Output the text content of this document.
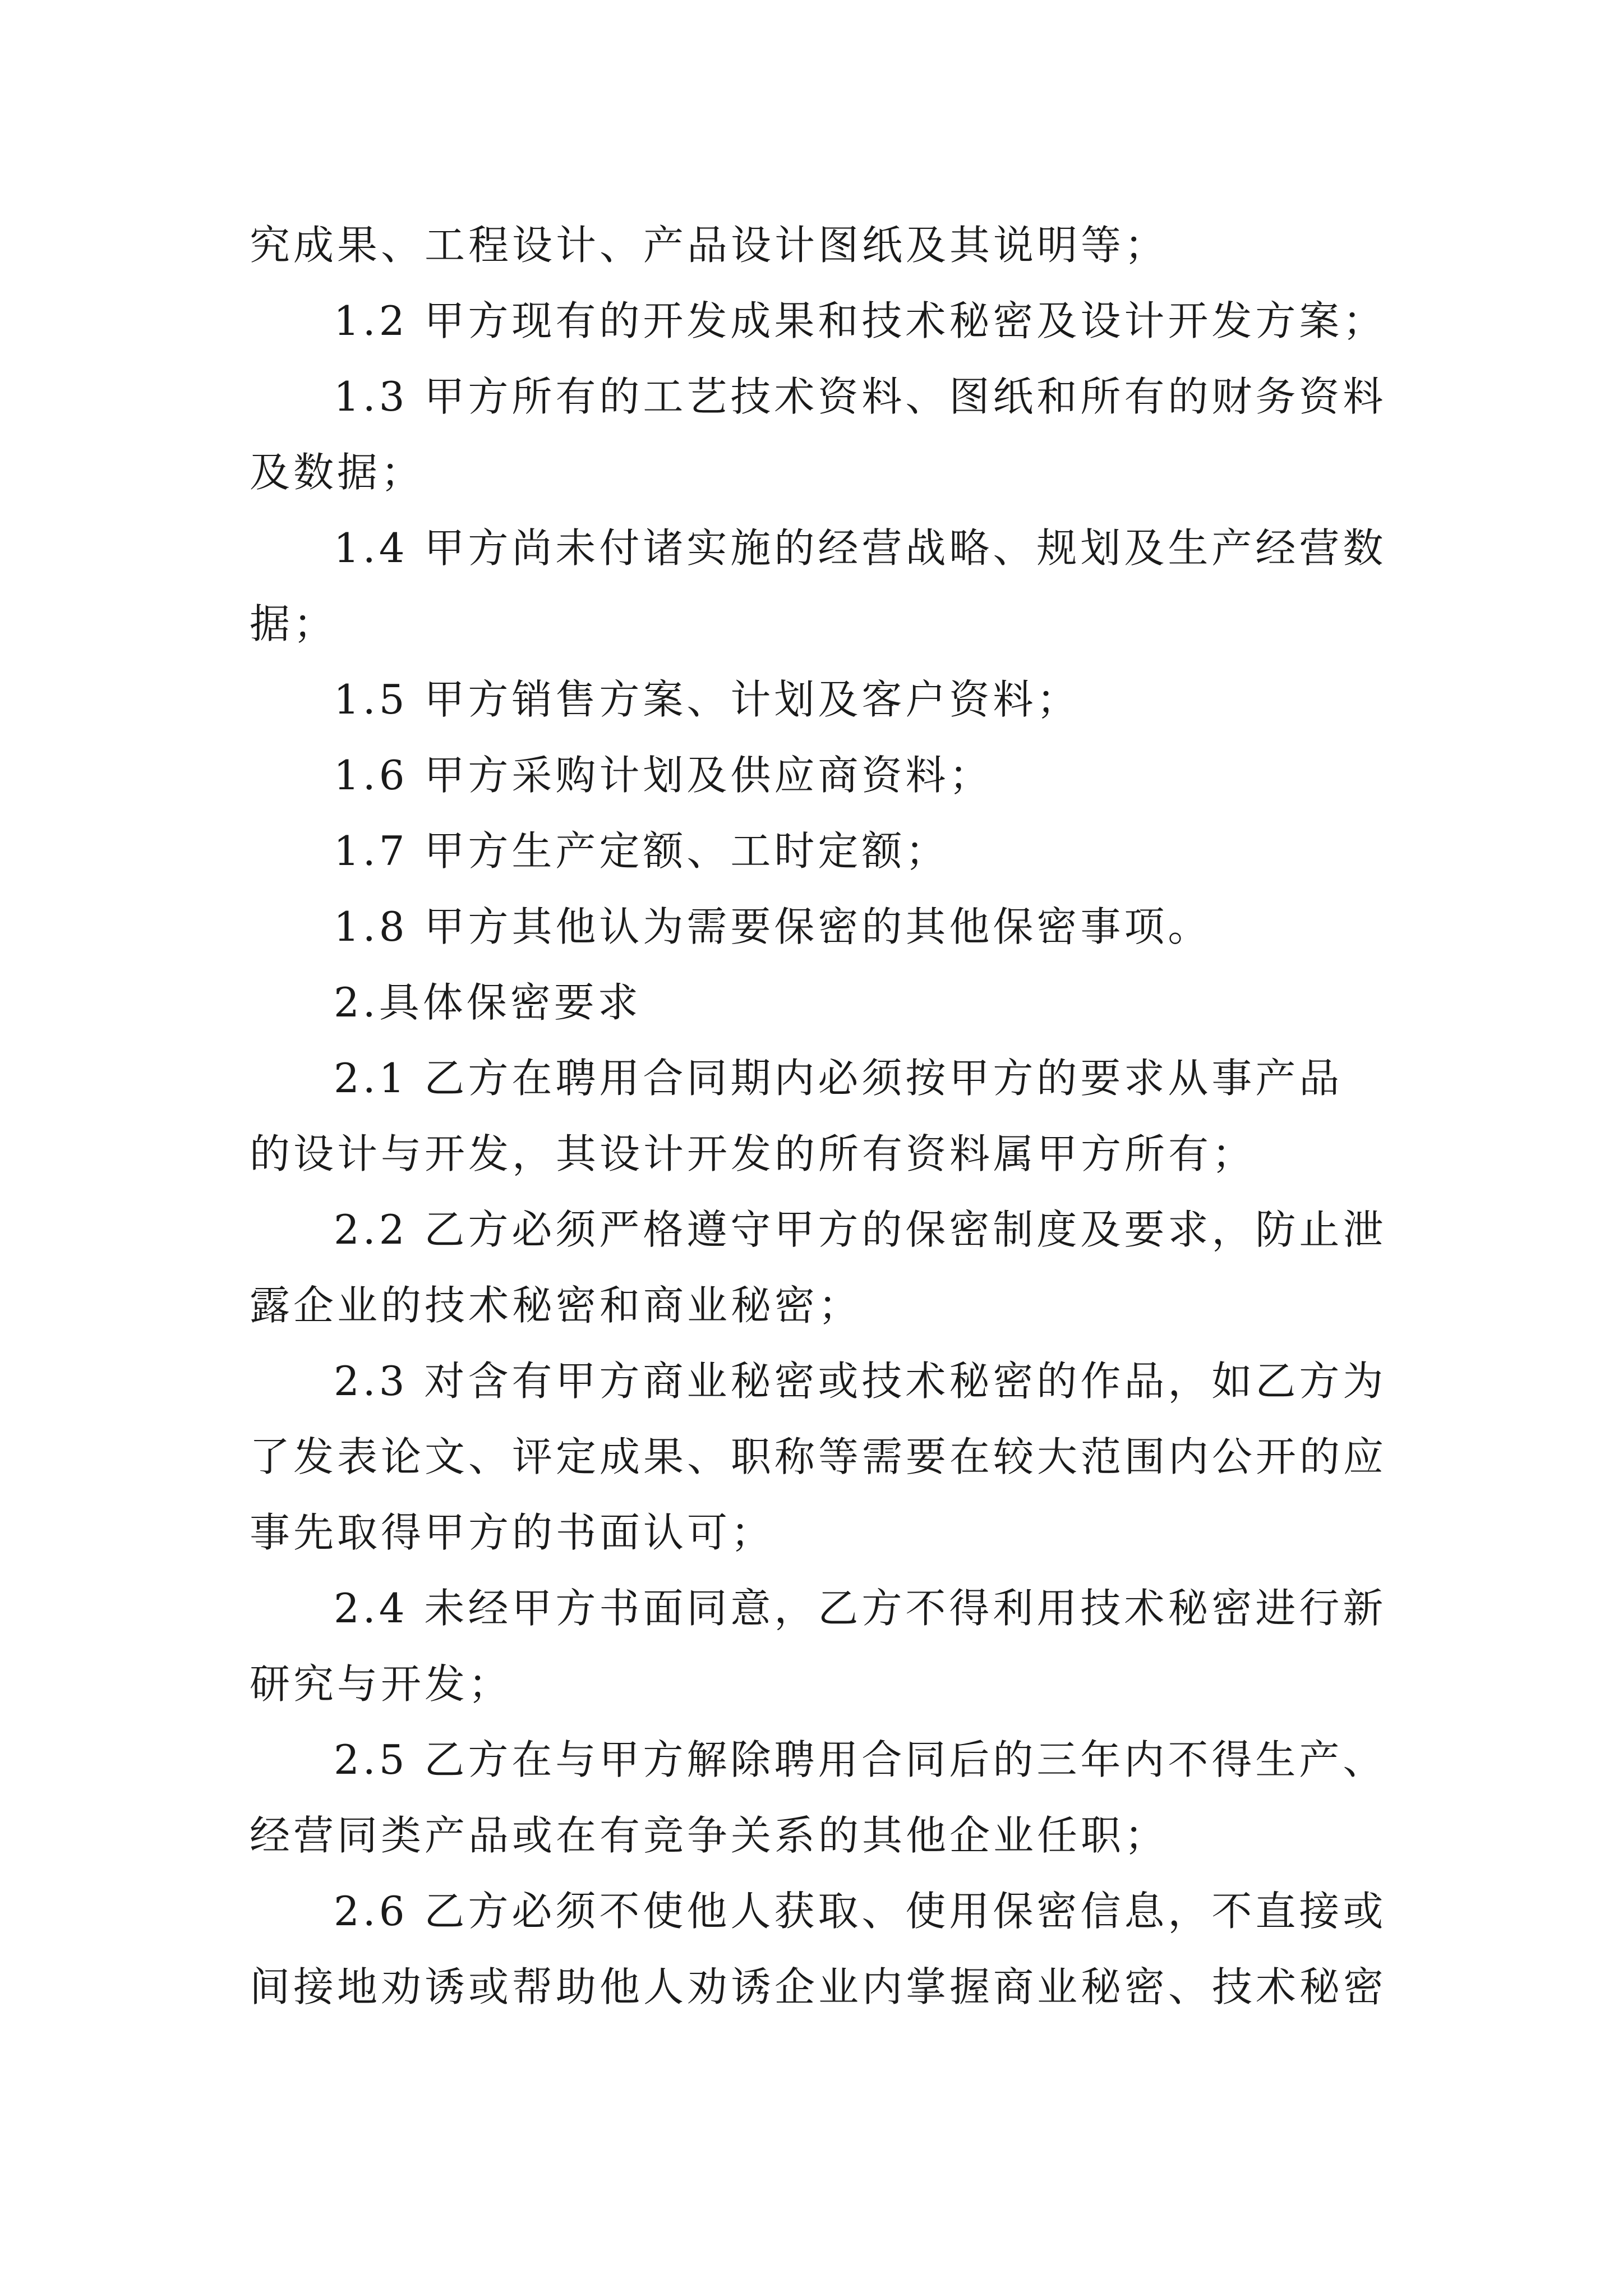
究成果、工程设计、产品设计图纸及其说明等；
1.2 甲方现有的开发成果和技术秘密及设计开发方案；
1.3 甲方所有的工艺技术资料、图纸和所有的财务资料
及数据；
1.4 甲方尚未付诸实施的经营战略、规划及生产经营数
据；
1.5 甲方销售方案、计划及客户资料；
1.6 甲方采购计划及供应商资料；
1.7 甲方生产定额、工时定额；
1.8 甲方其他认为需要保密的其他保密事项。
2.具体保密要求
2.1 乙方在聘用合同期内必须按甲方的要求从事产品
的设计与开发，其设计开发的所有资料属甲方所有；
2.2 乙方必须严格遵守甲方的保密制度及要求，防止泄
露企业的技术秘密和商业秘密；
2.3 对含有甲方商业秘密或技术秘密的作品，如乙方为
了发表论文、评定成果、职称等需要在较大范围内公开的应
事先取得甲方的书面认可；
2.4 未经甲方书面同意，乙方不得利用技术秘密进行新
研究与开发；
2.5 乙方在与甲方解除聘用合同后的三年内不得生产、
经营同类产品或在有竞争关系的其他企业任职；
2.6 乙方必须不使他人获取、使用保密信息，不直接或
间接地劝诱或帮助他人劝诱企业内掌握商业秘密、技术秘密
